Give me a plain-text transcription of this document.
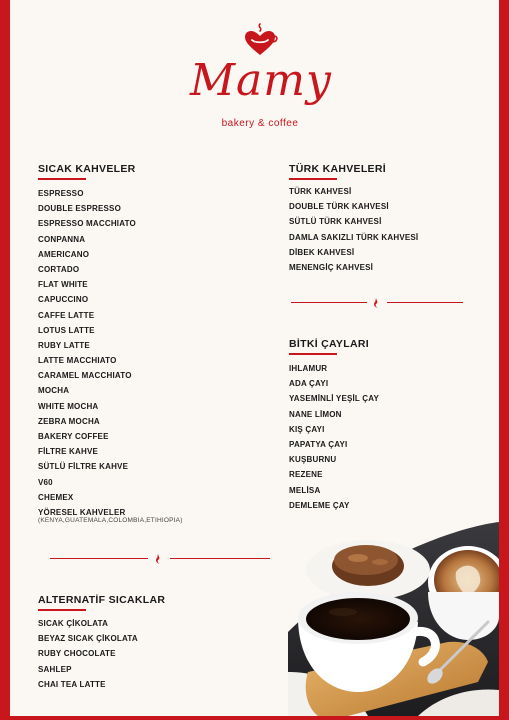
Mamy
bakery & coffee
SICAK KAHVELER
ESPRESSO
DOUBLE ESPRESSO
ESPRESSO MACCHIATO
CONPANNA
AMERICANO
CORTADO
FLAT WHITE
CAPUCCINO
CAFFE LATTE
LOTUS LATTE
RUBY LATTE
LATTE MACCHIATO
CARAMEL MACCHIATO
MOCHA
WHITE MOCHA
ZEBRA MOCHA
BAKERY COFFEE
FİLTRE KAHVE
SÜTLÜ FİLTRE KAHVE
V60
CHEMEX
YÖRESEL KAHVELER
(KENYA,GUATEMALA,COLOMBIA,ETIHIOPIA)
ALTERNATİF SICAKLAR
SICAK ÇİKOLATA
BEYAZ SICAK ÇİKOLATA
RUBY CHOCOLATE
SAHLEP
CHAI TEA LATTE
TÜRK KAHVELERİ
TÜRK KAHVESİ
DOUBLE TÜRK KAHVESİ
SÜTLÜ TÜRK KAHVESİ
DAMLA SAKIZLI TÜRK KAHVESİ
DİBEK KAHVESİ
MENENGİÇ KAHVESİ
BİTKİ ÇAYLARI
IHLAMUR
ADA ÇAYI
YASEMİNLİ YEŞİL ÇAY
NANE LİMON
KIŞ ÇAYI
PAPATYA ÇAYI
KUŞBURNU
REZENE
MELİSA
DEMLEME ÇAY
